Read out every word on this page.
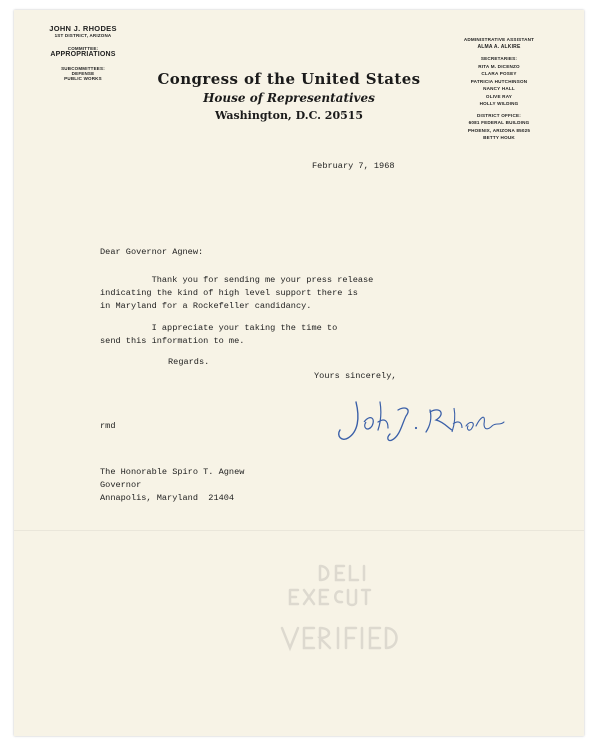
JOHN J. RHODES
1ST DISTRICT, ARIZONA
COMMITTEE:
APPROPRIATIONS
SUBCOMMITTEES:
DEFENSE
PUBLIC WORKS	Congress of the United States
House of Representatives
Washington, D.C. 20515
ADMINISTRATIVE ASSISTANT
ALMA A. ALKIRE
SECRETARIES:
RITA M. DICENZO
CLARA POSEY
PATRICIA HUTCHINSON
NANCY HALL
OLIVE RAY
HOLLY WILDING
DISTRICT OFFICE:
6081 FEDERAL BUILDING
PHOENIX, ARIZONA 85025
BETTY HOUK
February 7, 1968
Dear Governor Agnew:
Thank you for sending me your press release
indicating the kind of high level support there is
in Maryland for a Rockefeller candidancy.
I appreciate your taking the time to
send this information to me.
Regards.
Yours sincerely,
rmd
The Honorable Spiro T. Agnew
Governor
Annapolis, Maryland  21404
